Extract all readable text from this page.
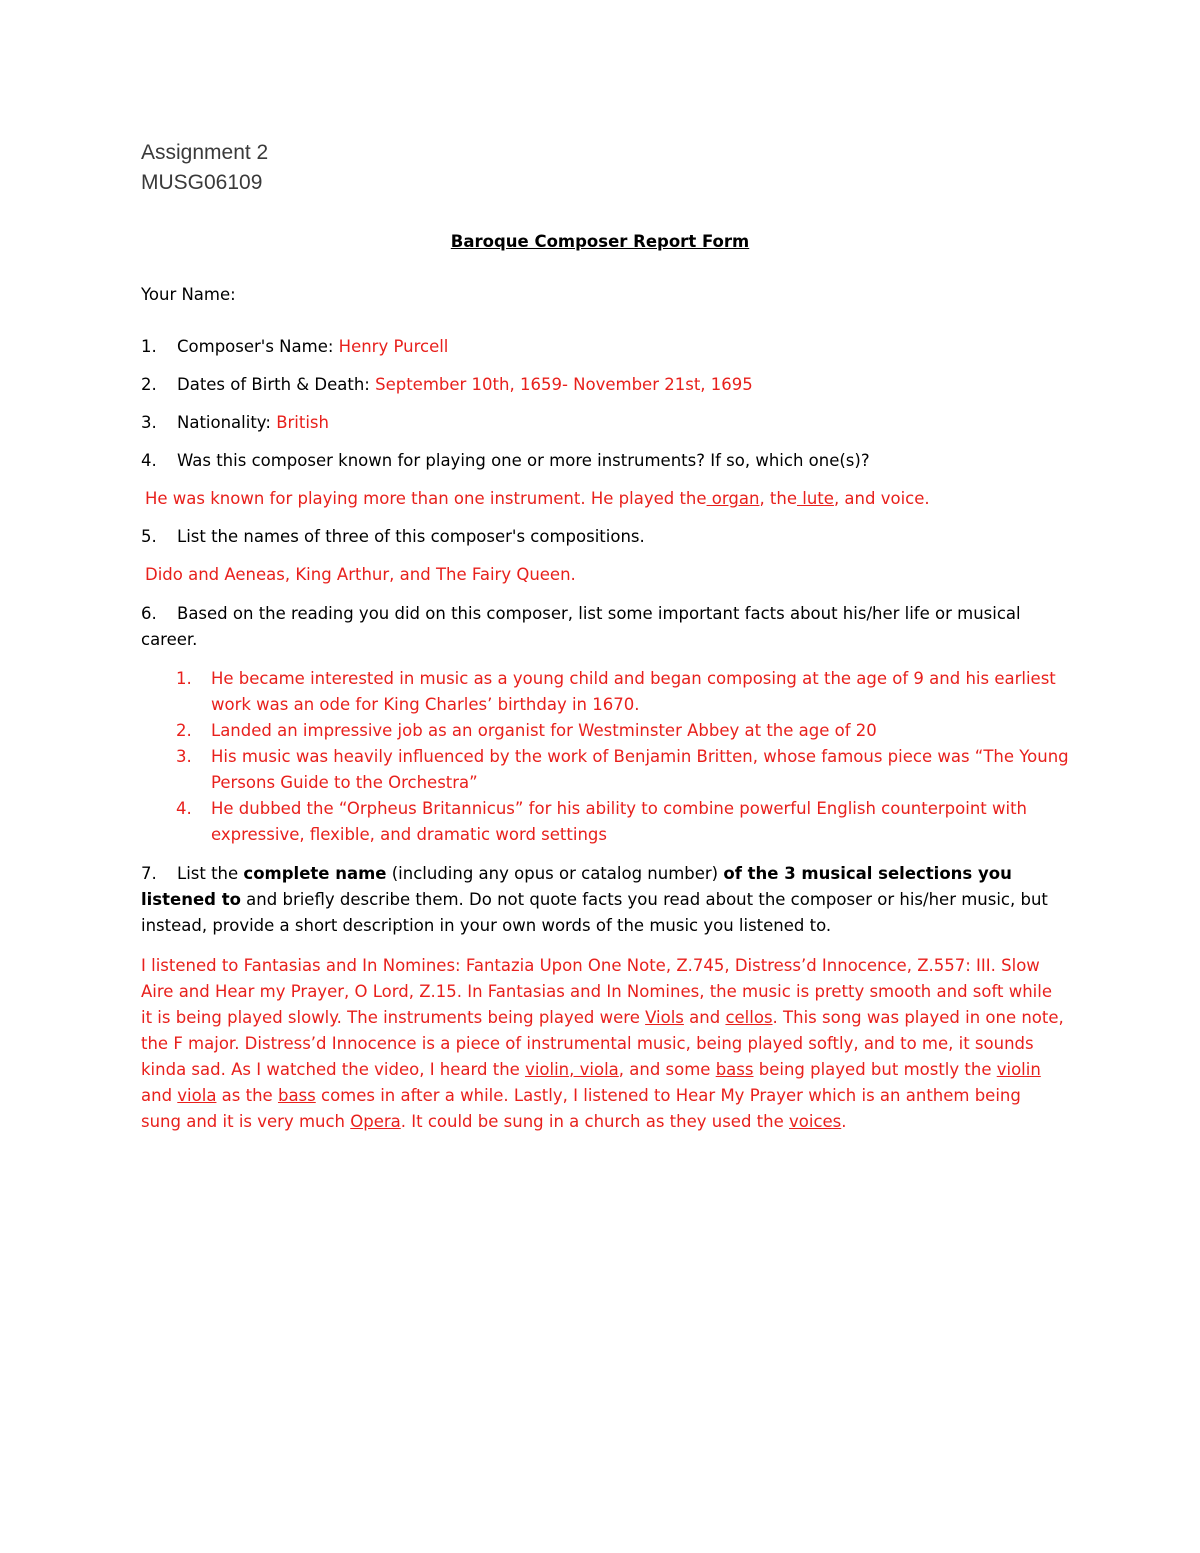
Assignment 2
MUSG06109
Baroque Composer Report Form
Your Name:
1. Composer's Name: Henry Purcell
2. Dates of Birth & Death: September 10th, 1659- November 21st, 1695
3. Nationality: British
4. Was this composer known for playing one or more instruments? If so, which one(s)?
He was known for playing more than one instrument. He played the organ, the lute, and voice.
5. List the names of three of this composer's compositions.
Dido and Aeneas, King Arthur, and The Fairy Queen.
6. Based on the reading you did on this composer, list some important facts about his/her life or musical career.
1.	He became interested in music as a young child and began composing at the age of 9 and his earliest work was an ode for King Charles’ birthday in 1670.
2.	Landed an impressive job as an organist for Westminster Abbey at the age of 20
3.	His music was heavily influenced by the work of Benjamin Britten, whose famous piece was “The Young Persons Guide to the Orchestra”
4.	He dubbed the “Orpheus Britannicus” for his ability to combine powerful English counterpoint with expressive, flexible, and dramatic word settings
7. List the complete name (including any opus or catalog number) of the 3 musical selections you listened to and briefly describe them. Do not quote facts you read about the composer or his/her music, but instead, provide a short description in your own words of the music you listened to.
I listened to Fantasias and In Nomines: Fantazia Upon One Note, Z.745, Distress’d Innocence, Z.557: III. Slow Aire and Hear my Prayer, O Lord, Z.15. In Fantasias and In Nomines, the music is pretty smooth and soft while it is being played slowly. The instruments being played were Viols and cellos. This song was played in one note, the F major. Distress’d Innocence is a piece of instrumental music, being played softly, and to me, it sounds kinda sad. As I watched the video, I heard the violin, viola, and some bass being played but mostly the violin and viola as the bass comes in after a while. Lastly, I listened to Hear My Prayer which is an anthem being sung and it is very much Opera. It could be sung in a church as they used the voices.
